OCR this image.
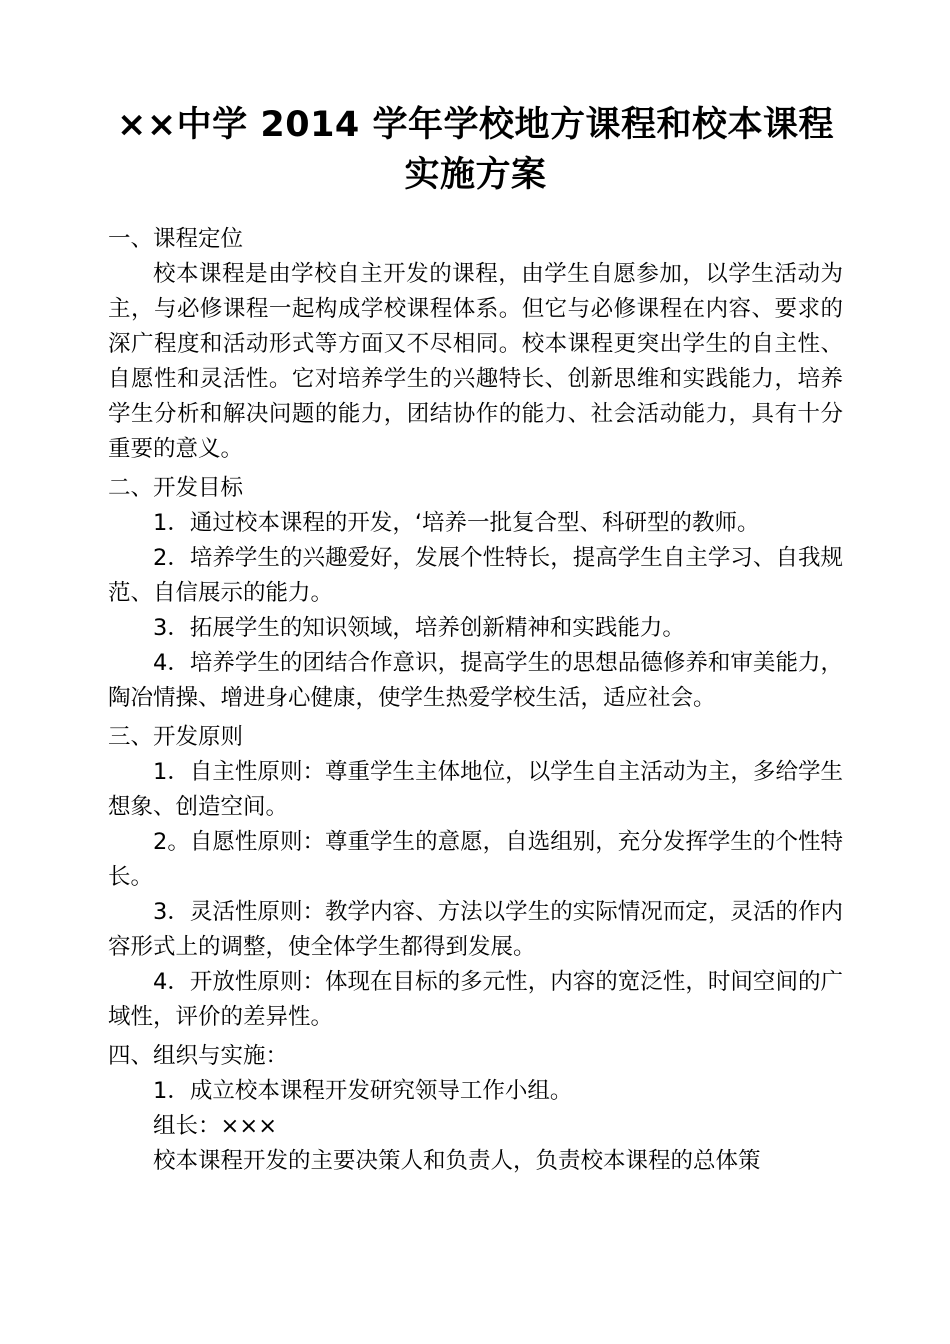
××中学 2014 学年学校地方课程和校本课程
实施方案

一、课程定位

校本课程是由学校自主开发的课程，由学生自愿参加，以学生活动为主，与必修课程一起构成学校课程体系。但它与必修课程在内容、要求的深广程度和活动形式等方面又不尽相同。校本课程更突出学生的自主性、自愿性和灵活性。它对培养学生的兴趣特长、创新思维和实践能力，培养学生分析和解决问题的能力，团结协作的能力、社会活动能力，具有十分重要的意义。

二、开发目标

1．通过校本课程的开发，‘培养一批复合型、科研型的教师。

2．培养学生的兴趣爱好，发展个性特长，提高学生自主学习、自我规范、自信展示的能力。

3．拓展学生的知识领域，培养创新精神和实践能力。

4．培养学生的团结合作意识，提高学生的思想品德修养和审美能力，陶冶情操、增进身心健康，使学生热爱学校生活，适应社会。

三、开发原则

1．自主性原则：尊重学生主体地位，以学生自主活动为主，多给学生想象、创造空间。

2。自愿性原则：尊重学生的意愿，自选组别，充分发挥学生的个性特长。

3．灵活性原则：教学内容、方法以学生的实际情况而定，灵活的作内容形式上的调整，使全体学生都得到发展。

4．开放性原则：体现在目标的多元性，内容的宽泛性，时间空间的广域性，评价的差异性。

四、组织与实施：

1．成立校本课程开发研究领导工作小组。

组长：×××

校本课程开发的主要决策人和负责人，负责校本课程的总体策
